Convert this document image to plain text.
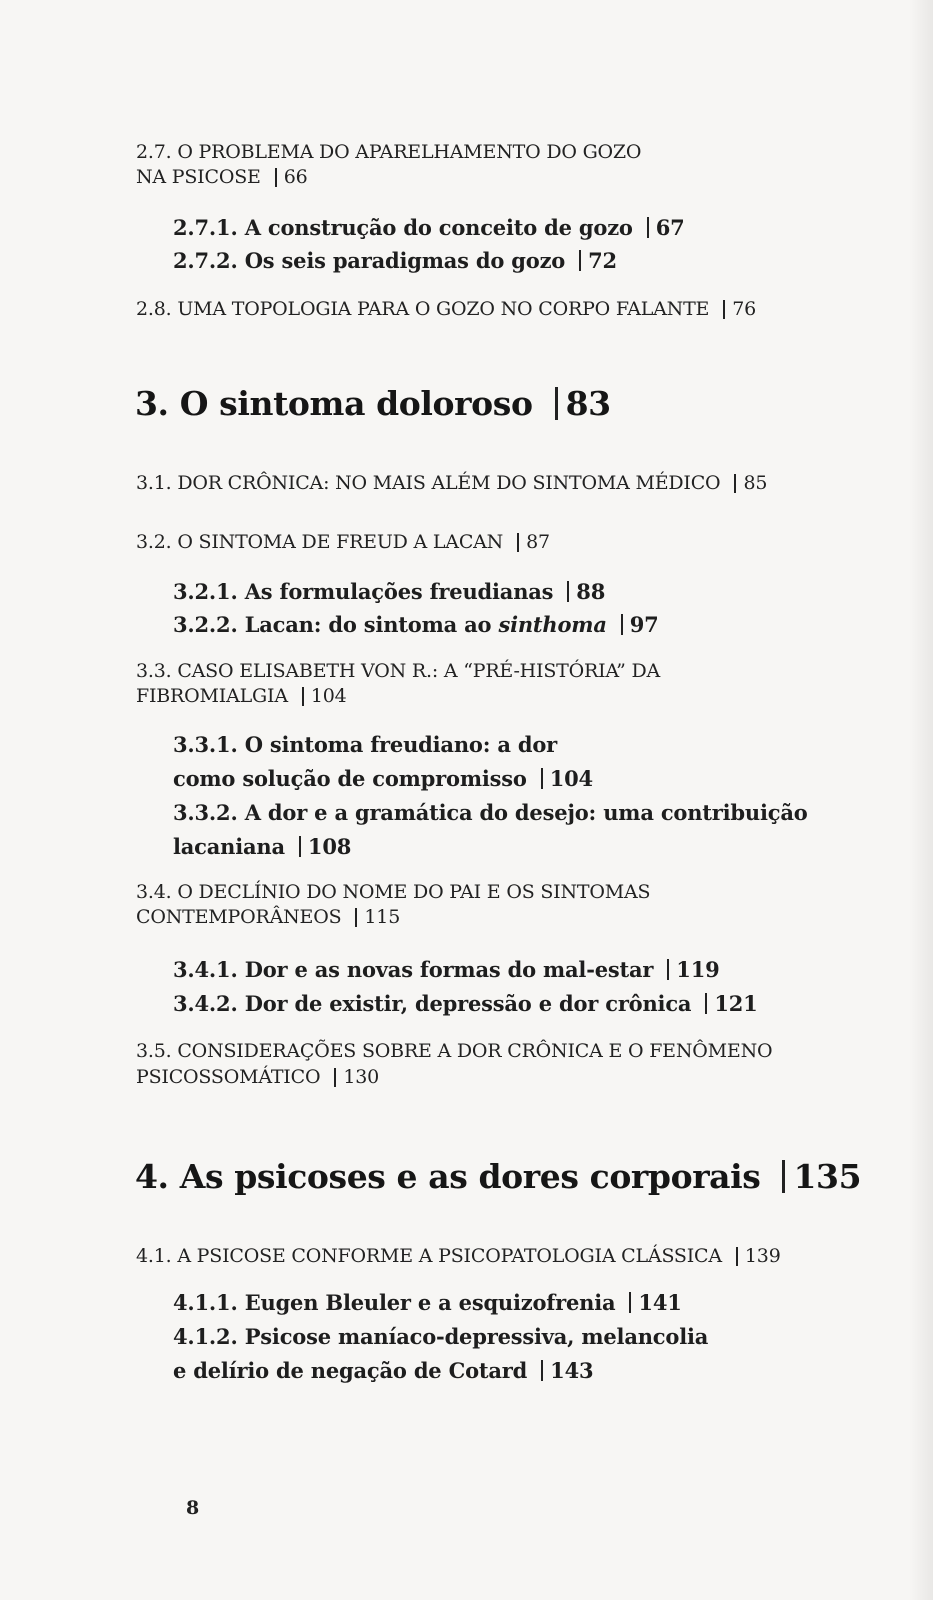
2.7. O PROBLEMA DO APARELHAMENTO DO GOZO
NA PSICOSE 66
2.7.1. A construção do conceito de gozo 67
2.7.2. Os seis paradigmas do gozo 72
2.8. UMA TOPOLOGIA PARA O GOZO NO CORPO FALANTE 76
3. O sintoma doloroso 83
3.1. DOR CRÔNICA: NO MAIS ALÉM DO SINTOMA MÉDICO 85
3.2. O SINTOMA DE FREUD A LACAN 87
3.2.1. As formulações freudianas 88
3.2.2. Lacan: do sintoma ao sinthoma 97
3.3. CASO ELISABETH VON R.: A “PRÉ-HISTÓRIA” DA
FIBROMIALGIA 104
3.3.1. O sintoma freudiano: a dor
como solução de compromisso 104
3.3.2. A dor e a gramática do desejo: uma contribuição
lacaniana 108
3.4. O DECLÍNIO DO NOME DO PAI E OS SINTOMAS
CONTEMPORÂNEOS 115
3.4.1. Dor e as novas formas do mal-estar 119
3.4.2. Dor de existir, depressão e dor crônica 121
3.5. CONSIDERAÇÕES SOBRE A DOR CRÔNICA E O FENÔMENO
PSICOSSOMÁTICO 130
4. As psicoses e as dores corporais 135
4.1. A PSICOSE CONFORME A PSICOPATOLOGIA CLÁSSICA 139
4.1.1. Eugen Bleuler e a esquizofrenia 141
4.1.2. Psicose maníaco-depressiva, melancolia
e delírio de negação de Cotard 143
8
